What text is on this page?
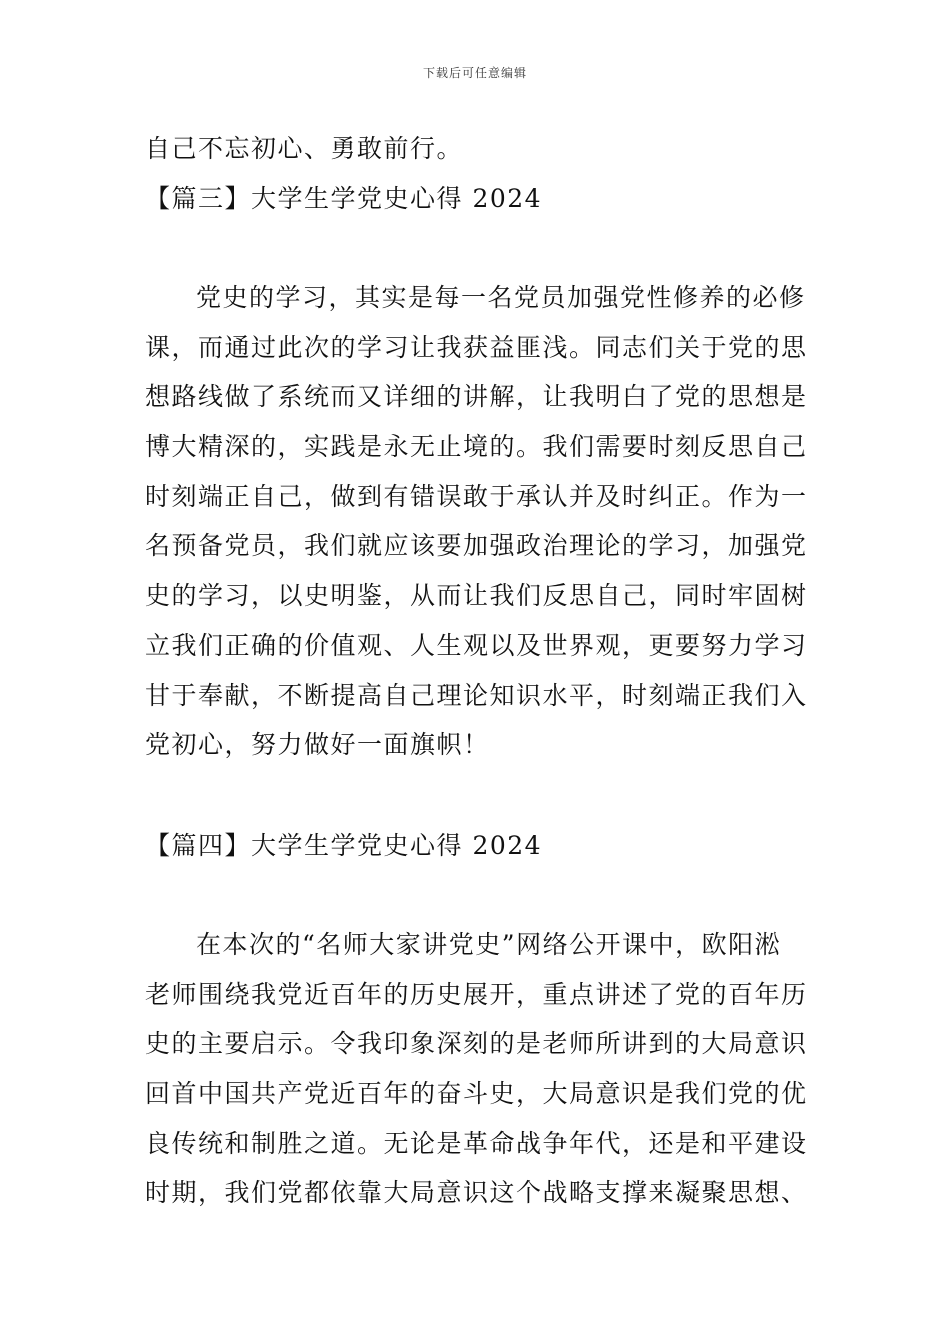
下载后可任意编辑
自己不忘初心、勇敢前行。
【篇三】大学生学党史心得 2024
党史的学习，其实是每一名党员加强党性修养的必修
课，而通过此次的学习让我获益匪浅。同志们关于党的思
想路线做了系统而又详细的讲解，让我明白了党的思想是
博大精深的，实践是永无止境的。我们需要时刻反思自己
时刻端正自己，做到有错误敢于承认并及时纠正。作为一
名预备党员，我们就应该要加强政治理论的学习，加强党
史的学习，以史明鉴，从而让我们反思自己，同时牢固树
立我们正确的价值观、人生观以及世界观，更要努力学习
甘于奉献，不断提高自己理论知识水平，时刻端正我们入
党初心，努力做好一面旗帜！
【篇四】大学生学党史心得 2024
在本次的“名师大家讲党史”网络公开课中，欧阳淞
老师围绕我党近百年的历史展开，重点讲述了党的百年历
史的主要启示。令我印象深刻的是老师所讲到的大局意识
回首中国共产党近百年的奋斗史，大局意识是我们党的优
良传统和制胜之道。无论是革命战争年代，还是和平建设
时期，我们党都依靠大局意识这个战略支撑来凝聚思想、
